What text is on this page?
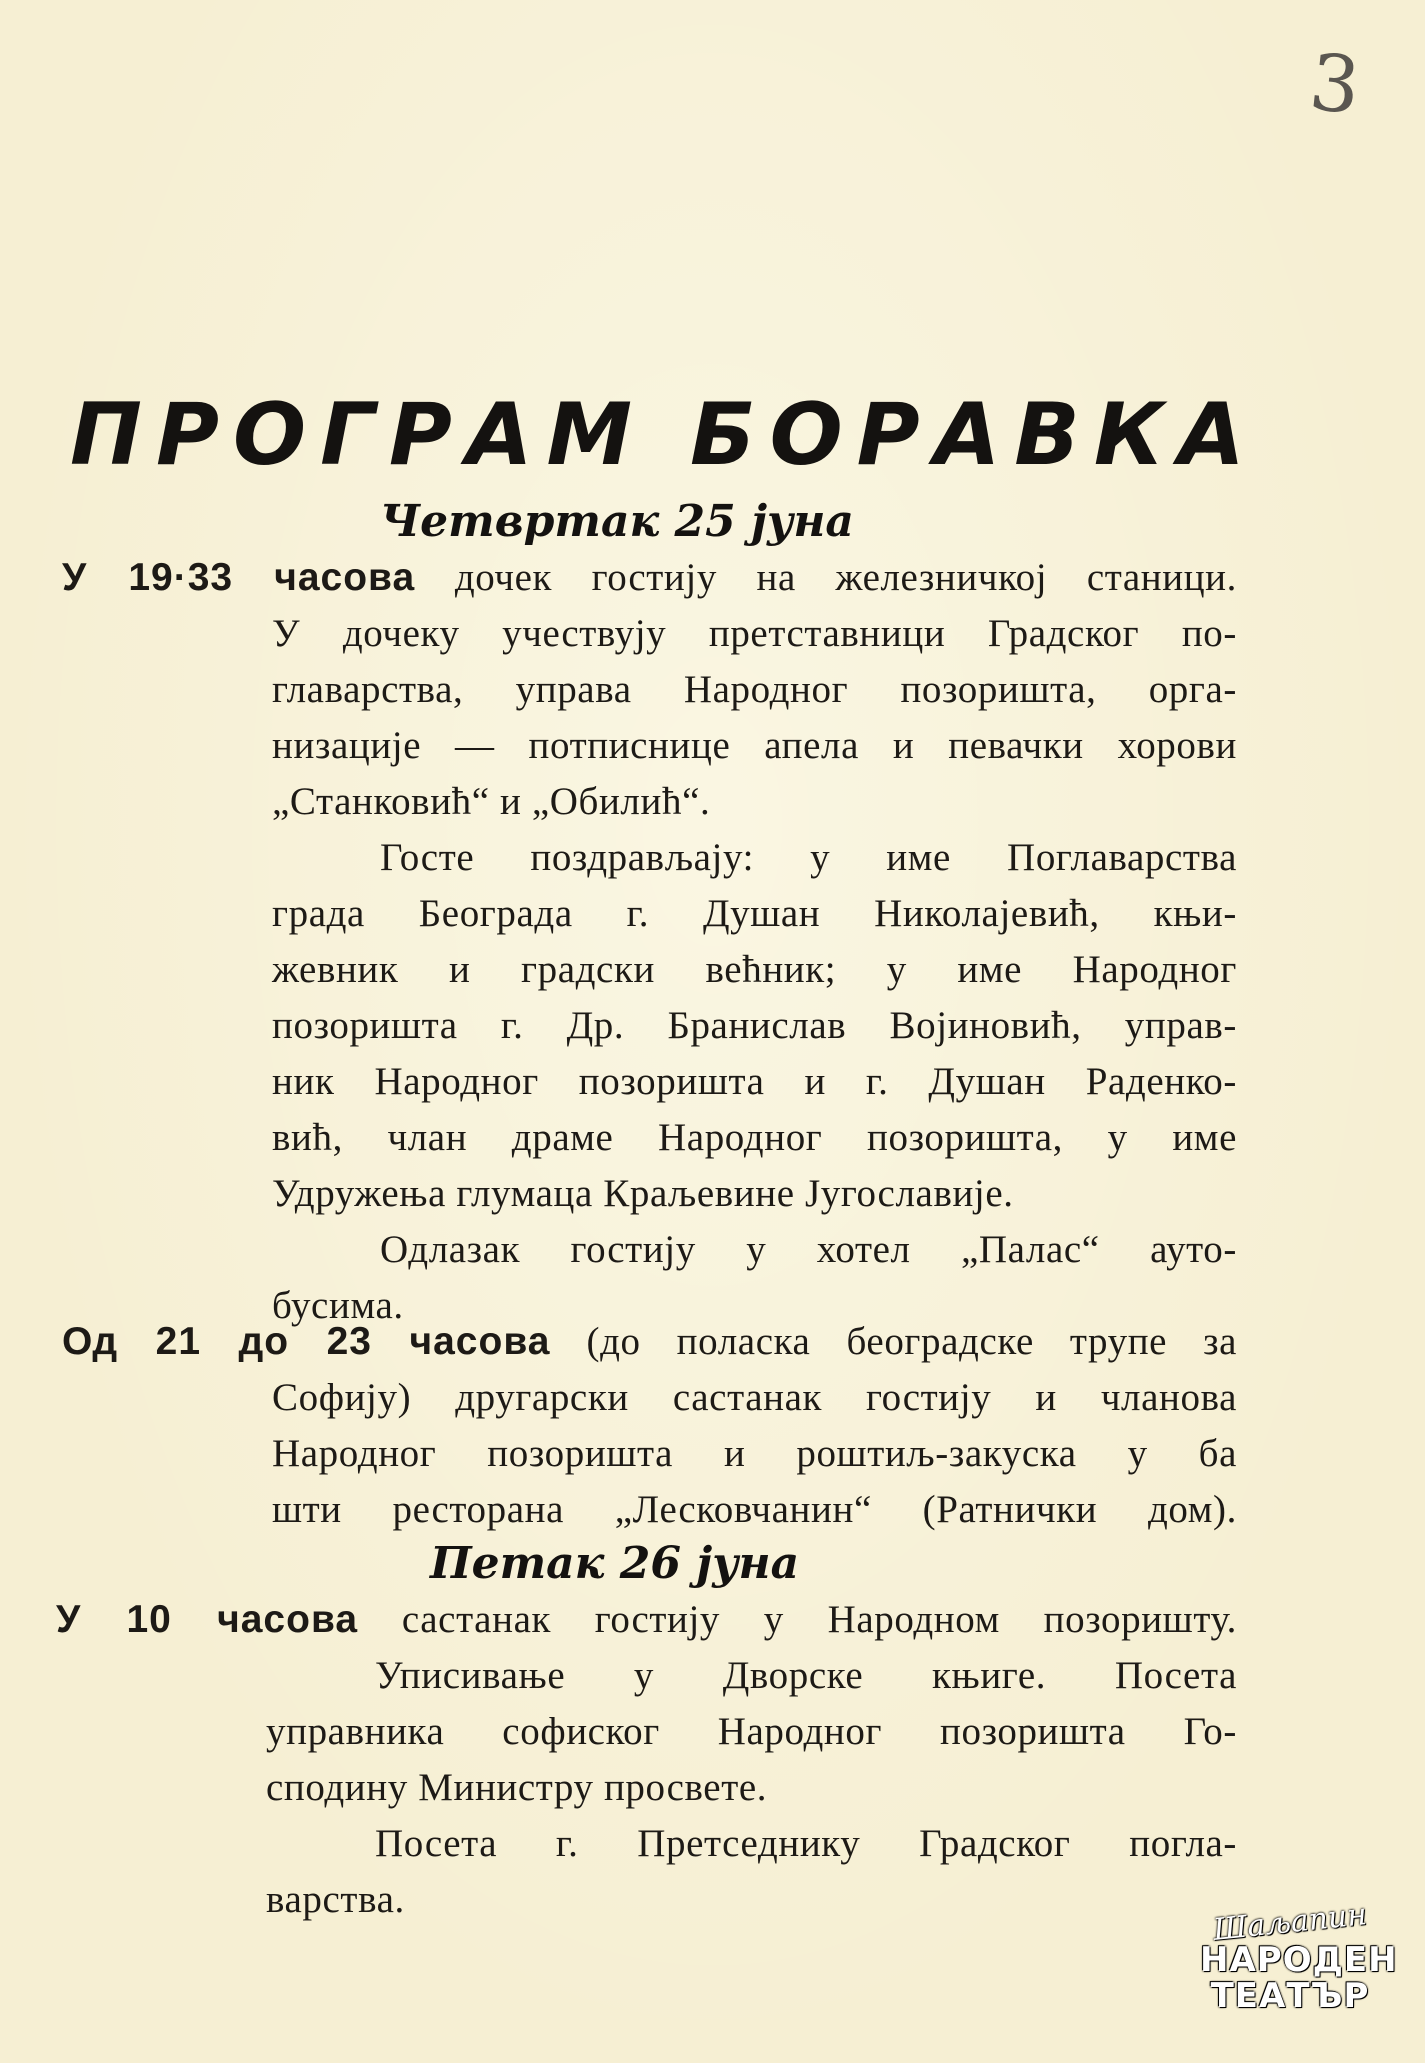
3
ПРОГРАМ БОРАВКА
Четвртак 25 јуна
У 19·33 часова дочек гостију на железничкој станици.
У дочеку учествују претставници Градског по-
главарства, управа Народног позоришта, орга-
низације — потписнице апела и певачки хорови
„Станковић“ и „Обилић“.
Госте поздрављају: у име Поглаварства
града Београда г. Душан Николајевић, књи-
жевник и градски већник; у име Народног
позоришта г. Др. Бранислав Војиновић, управ-
ник Народног позоришта и г. Душан Раденко-
вић, члан драме Народног позоришта, у име
Удружења глумаца Краљевине Југославије.
Одлазак гостију у хотел „Палас“ ауто-
бусима.
Од 21 до 23 часова (до поласка београдске трупе за
Софију) другарски састанак гостију и чланова
Народног позоришта и роштиљ-закуска у ба
шти ресторана „Лесковчанин“ (Ратнички дом).
Петак 26 јуна
У 10 часова састанак гостију у Народном позоришту.
Уписивање у Дворске књиге. Посета
управника софиског Народног позоришта Го-
сподину Министру просвете.
Посета г. Претседнику Градског погла-
варства.	Шаљапин
НАРОДЕН
ТЕАТЪР
